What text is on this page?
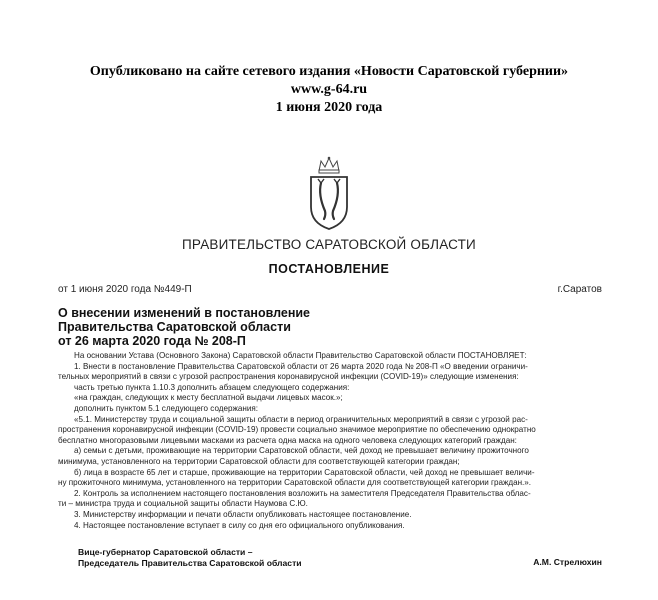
Опубликовано на сайте сетевого издания «Новости Саратовской губернии»
www.g-64.ru
1 июня 2020 года
ПРАВИТЕЛЬСТВО САРАТОВСКОЙ ОБЛАСТИ
ПОСТАНОВЛЕНИЕ
от 1 июня 2020 года №449-П	г.Саратов
О внесении изменений в постановление
Правительства Саратовской области
от 26 марта 2020 года № 208-П
На основании Устава (Основного Закона) Саратовской области Правительство Саратовской области ПОСТАНОВЛЯЕТ:
1. Внести в постановление Правительства Саратовской области от 26 марта 2020 года № 208-П «О введении ограничи-
тельных мероприятий в связи с угрозой распространения коронавирусной инфекции (COVID-19)» следующие изменения:
часть третью пункта 1.10.3 дополнить абзацем следующего содержания:
«на граждан, следующих к месту бесплатной выдачи лицевых масок.»;
дополнить пунктом 5.1 следующего содержания:
«5.1. Министерству труда и социальной защиты области в период ограничительных мероприятий в связи с угрозой рас-
пространения коронавирусной инфекции (COVID-19) провести социально значимое мероприятие по обеспечению однократно
бесплатно многоразовыми лицевыми масками из расчета одна маска на одного человека следующих категорий граждан:
а) семьи с детьми, проживающие на территории Саратовской области, чей доход не превышает величину прожиточного
минимума, установленного на территории Саратовской области для соответствующей категории граждан;
б) лица в возрасте 65 лет и старше, проживающие на территории Саратовской области, чей доход не превышает величи-
ну прожиточного минимума, установленного на территории Саратовской области для соответствующей категории граждан.».
2. Контроль за исполнением настоящего постановления возложить на заместителя Председателя Правительства облас-
ти – министра труда и социальной защиты области Наумова С.Ю.
3. Министерству информации и печати области опубликовать настоящее постановление.
4. Настоящее постановление вступает в силу со дня его официального опубликования.
Вице-губернатор Саратовской области –
Председатель Правительства Саратовской области	А.М. Стрелюхин
